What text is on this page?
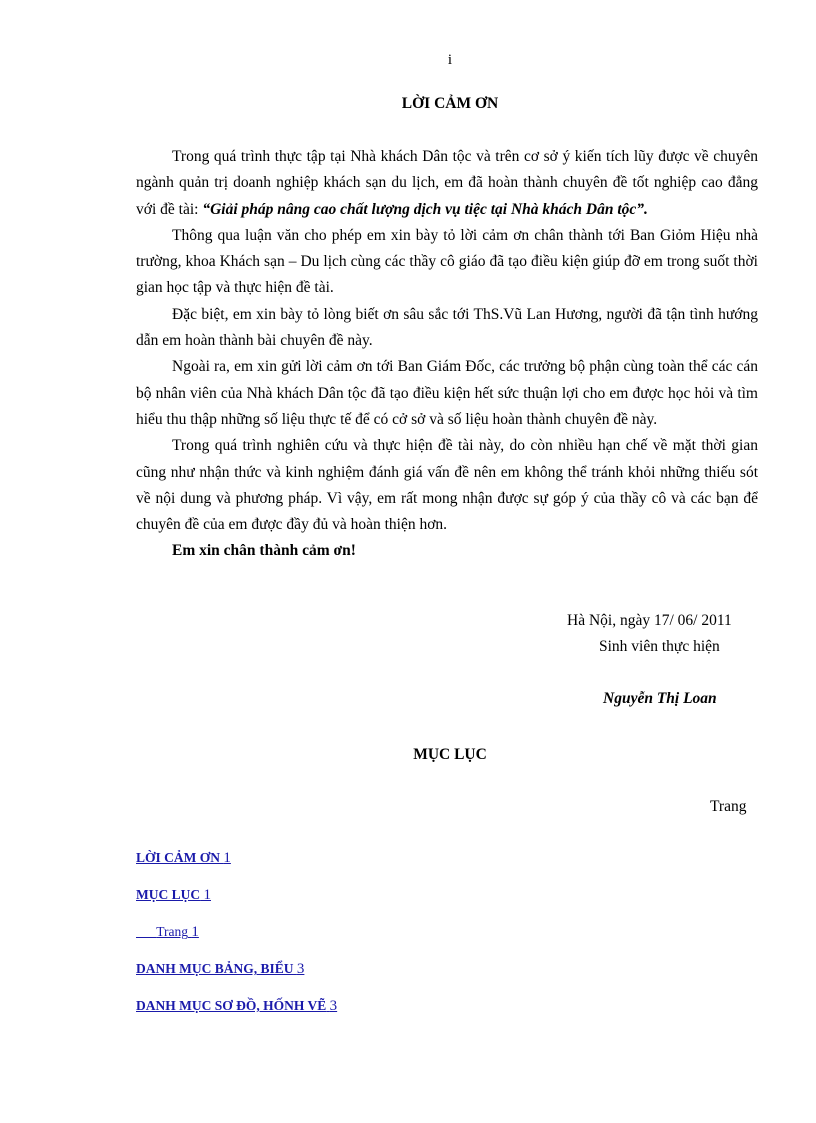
i
LỜI CẢM ƠN

Trong quá trình thực tập tại Nhà khách Dân tộc và trên cơ sở ý kiến tích lũy được về chuyên ngành quản trị doanh nghiệp khách sạn du lịch, em đã hoàn thành chuyên đề tốt nghiệp cao đẳng với đề tài: “Giải pháp nâng cao chất lượng dịch vụ tiệc tại Nhà khách Dân tộc”.

Thông qua luận văn cho phép em xin bày tỏ lời cảm ơn chân thành tới Ban Giỏm Hiệu nhà trường, khoa Khách sạn – Du lịch cùng các thầy cô giáo đã tạo điều kiện giúp đỡ em trong suốt thời gian học tập và thực hiện đề tài.

Đặc biệt, em xin bày tỏ lòng biết ơn sâu sắc tới ThS.Vũ Lan Hương, người đã tận tình hướng dẫn em hoàn thành bài chuyên đề này.

Ngoài ra, em xin gửi lời cảm ơn tới Ban Giám Đốc, các trưởng bộ phận cùng toàn thể các cán bộ nhân viên của Nhà khách Dân tộc đã tạo điều kiện hết sức thuận lợi cho em được học hỏi và tìm hiểu thu thập những số liệu thực tế để có cở sở và số liệu hoàn thành chuyên đề này.

Trong quá trình nghiên cứu và thực hiện đề tài này, do còn nhiều hạn chế về mặt thời gian cũng như nhận thức và kinh nghiệm đánh giá vấn đề nên em không thể tránh khỏi những thiếu sót về nội dung và phương pháp. Vì vậy, em rất mong nhận được sự góp ý của thầy cô và các bạn để chuyên đề của em được đầy đủ và hoàn thiện hơn.

Em xin chân thành cảm ơn!

Hà Nội, ngày 17/ 06/ 2011
Sinh viên thực hiện
Nguyễn Thị Loan
MỤC LỤC
Trang
LỜI CẢM ƠN 1
MỤC LỤC 1
Trang 1
DANH MỤC BẢNG, BIỂU 3
DANH MỤC SƠ ĐỒ, HỐNH VẼ 3
